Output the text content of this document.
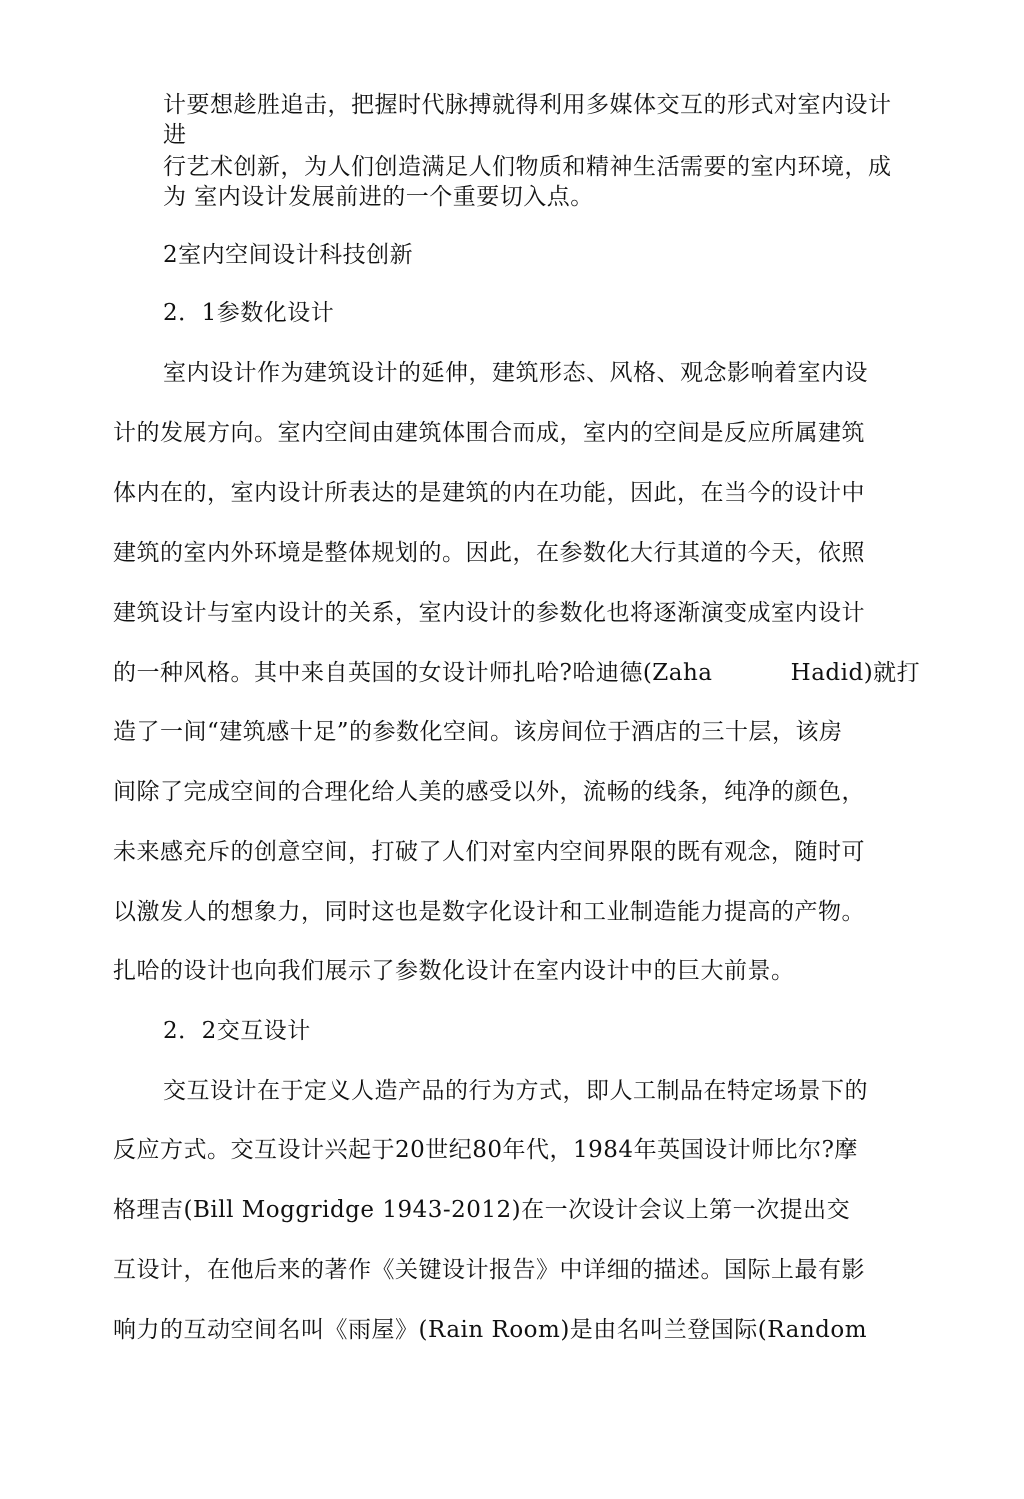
计要想趁胜追击，把握时代脉搏就得利用多媒体交互的形式对室内设计
进
行艺术创新，为人们创造满足人们物质和精神生活需要的室内环境，成
为 室内设计发展前进的一个重要切入点。
2室内空间设计科技创新
2．1参数化设计
室内设计作为建筑设计的延伸，建筑形态、风格、观念影响着室内设
计的发展方向。室内空间由建筑体围合而成，室内的空间是反应所属建筑
体内在的，室内设计所表达的是建筑的内在功能，因此，在当今的设计中
建筑的室内外环境是整体规划的。因此，在参数化大行其道的今天，依照
建筑设计与室内设计的关系，室内设计的参数化也将逐渐演变成室内设计
的一种风格。其中来自英国的女设计师扎哈?哈迪德(Zaha          Hadid)就打
造了一间“建筑感十足”的参数化空间。该房间位于酒店的三十层，该房
间除了完成空间的合理化给人美的感受以外，流畅的线条，纯净的颜色，
未来感充斥的创意空间，打破了人们对室内空间界限的既有观念，随时可
以激发人的想象力，同时这也是数字化设计和工业制造能力提高的产物。
扎哈的设计也向我们展示了参数化设计在室内设计中的巨大前景。
2．2交互设计
交互设计在于定义人造产品的行为方式，即人工制品在特定场景下的
反应方式。交互设计兴起于20世纪80年代，1984年英国设计师比尔?摩
格理吉(Bill Moggridge 1943-2012)在一次设计会议上第一次提出交
互设计，在他后来的著作《关键设计报告》中详细的描述。国际上最有影
响力的互动空间名叫《雨屋》(Rain Room)是由名叫兰登国际(Random
